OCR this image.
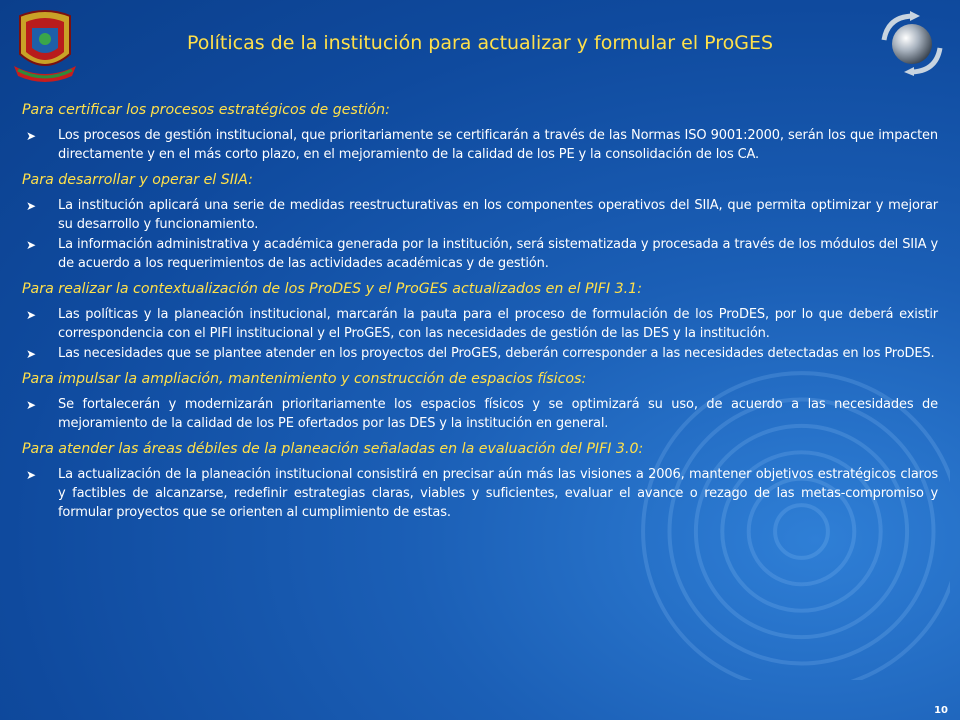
Políticas de la institución para actualizar y formular el ProGES
Para certificar los procesos estratégicos de gestión:
➤ Los procesos de gestión institucional, que prioritariamente se certificarán a través de las Normas ISO 9001:2000, serán los que impacten directamente y en el más corto plazo, en el mejoramiento de la calidad de los PE y la consolidación de los CA.
Para desarrollar y operar el SIIA:
➤ La institución aplicará una serie de medidas reestructurativas en los componentes operativos del SIIA, que permita optimizar y mejorar su desarrollo y funcionamiento.
➤ La información administrativa y académica generada por la institución, será sistematizada y procesada a través de los módulos del SIIA y de acuerdo a los requerimientos de las actividades académicas y de gestión.
Para realizar la contextualización de los ProDES y el ProGES actualizados en el PIFI 3.1:
➤ Las políticas y la planeación institucional, marcarán la pauta para el proceso de formulación de los ProDES, por lo que deberá existir correspondencia con el PIFI institucional y el ProGES, con las necesidades de gestión de las DES y la institución.
➤ Las necesidades que se plantee atender en los proyectos del ProGES, deberán corresponder a las necesidades detectadas en los ProDES.
Para impulsar la ampliación, mantenimiento y construcción de espacios físicos:
➤ Se fortalecerán y modernizarán prioritariamente los espacios físicos y se optimizará su uso, de acuerdo a las necesidades de mejoramiento de la calidad de los PE ofertados por las DES y la institución en general.
Para atender las áreas débiles de la planeación señaladas en la evaluación del PIFI 3.0:
➤ La actualización de la planeación institucional consistirá en precisar aún más las visiones a 2006, mantener objetivos estratégicos claros y factibles de alcanzarse, redefinir estrategias claras, viables y suficientes, evaluar el avance o rezago de las metas-compromiso y formular proyectos que se orienten al cumplimiento de estas.
10
